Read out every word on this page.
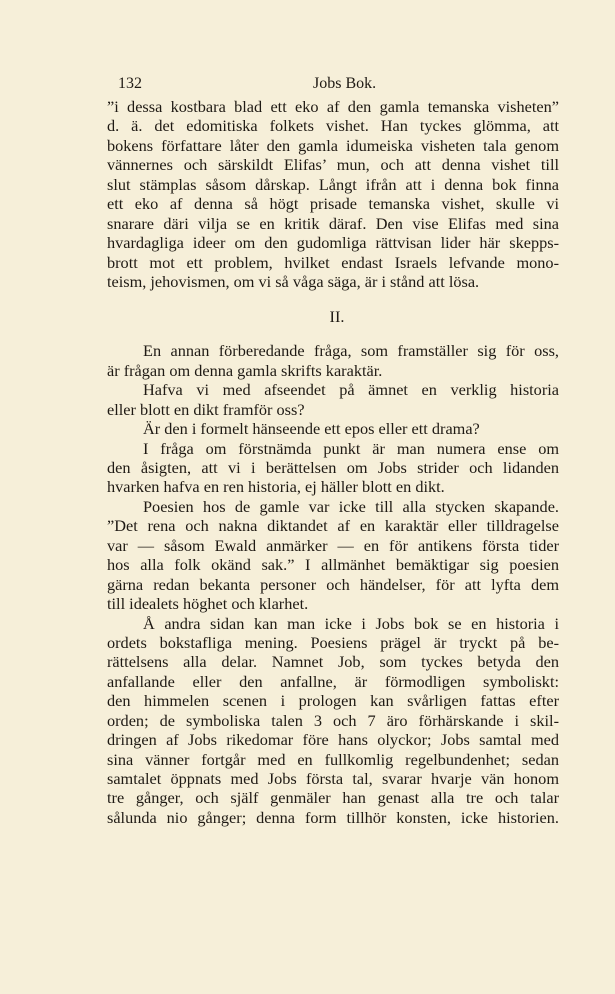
132	Jobs Bok.
”i dessa kostbara blad ett eko af den gamla temanska visheten”
d. ä. det edomitiska folkets vishet. Han tyckes glömma, att
bokens författare låter den gamla idumeiska visheten tala genom
vännernes och särskildt Elifas’ mun, och att denna vishet till
slut stämplas såsom dårskap. Långt ifrån att i denna bok finna
ett eko af denna så högt prisade temanska vishet, skulle vi
snarare däri vilja se en kritik däraf. Den vise Elifas med sina
hvardagliga ideer om den gudomliga rättvisan lider här skepps-
brott mot ett problem, hvilket endast Israels lefvande mono-
teism, jehovismen, om vi så våga säga, är i stånd att lösa.
II.
En annan förberedande fråga, som framställer sig för oss,
är frågan om denna gamla skrifts karaktär.
Hafva vi med afseendet på ämnet en verklig historia
eller blott en dikt framför oss?
Är den i formelt hänseende ett epos eller ett drama?
I fråga om förstnämda punkt är man numera ense om
den åsigten, att vi i berättelsen om Jobs strider och lidanden
hvarken hafva en ren historia, ej häller blott en dikt.
Poesien hos de gamle var icke till alla stycken skapande.
”Det rena och nakna diktandet af en karaktär eller tilldragelse
var — såsom Ewald anmärker — en för antikens första tider
hos alla folk okänd sak.” I allmänhet bemäktigar sig poesien
gärna redan bekanta personer och händelser, för att lyfta dem
till idealets höghet och klarhet.
Å andra sidan kan man icke i Jobs bok se en historia i
ordets bokstafliga mening. Poesiens prägel är tryckt på be-
rättelsens alla delar. Namnet Job, som tyckes betyda den
anfallande eller den anfallne, är förmodligen symboliskt:
den himmelen scenen i prologen kan svårligen fattas efter
orden; de symboliska talen 3 och 7 äro förhärskande i skil-
dringen af Jobs rikedomar före hans olyckor; Jobs samtal med
sina vänner fortgår med en fullkomlig regelbundenhet; sedan
samtalet öppnats med Jobs första tal, svarar hvarje vän honom
tre gånger, och själf genmäler han genast alla tre och talar
sålunda nio gånger; denna form tillhör konsten, icke historien.
